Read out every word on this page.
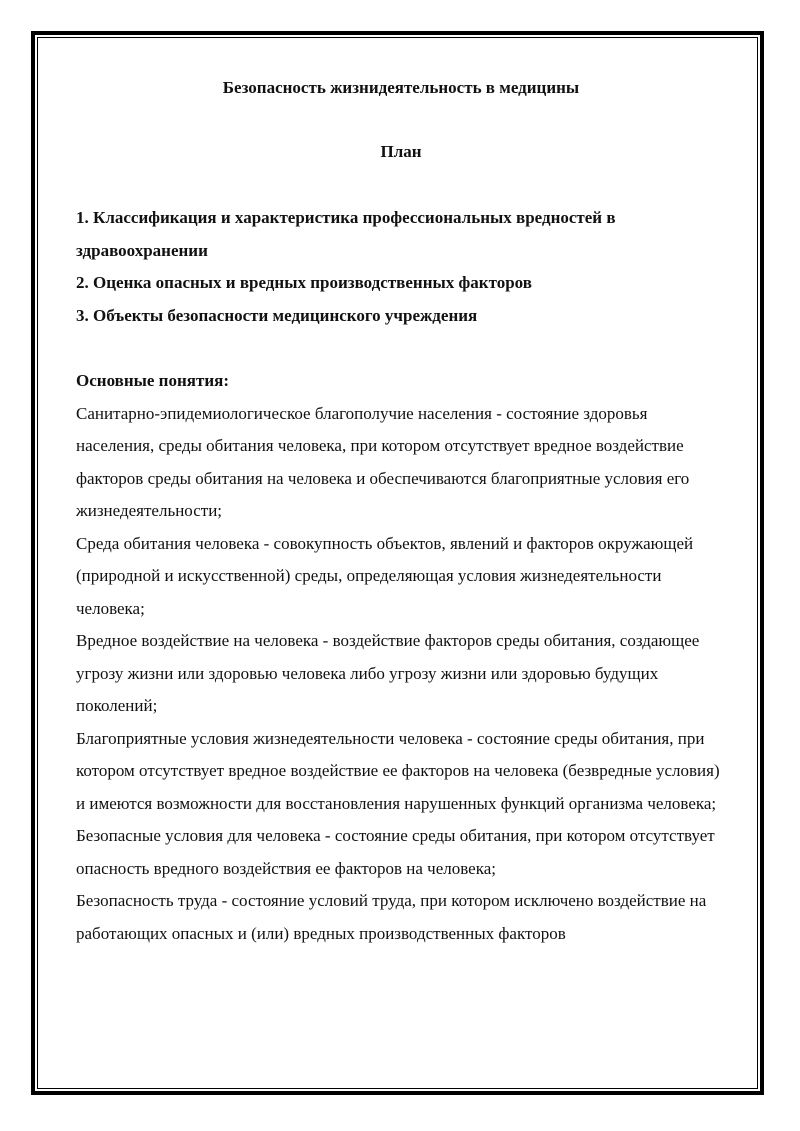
Безопасность жизнидеятельность в медицины

План

1. Классификация и характеристика профессиональных вредностей в здравоохранении
2. Оценка опасных и вредных производственных факторов
3. Объекты безопасности медицинского учреждения

Основные понятия:

Санитарно-эпидемиологическое благополучие населения - состояние здоровья населения, среды обитания человека, при котором отсутствует вредное воздействие факторов среды обитания на человека и обеспечиваются благоприятные условия его жизнедеятельности;

Среда обитания человека - совокупность объектов, явлений и факторов окружающей (природной и искусственной) среды, определяющая условия жизнедеятельности человека;

Вредное воздействие на человека - воздействие факторов среды обитания, создающее угрозу жизни или здоровью человека либо угрозу жизни или здоровью будущих поколений;

Благоприятные условия жизнедеятельности человека - состояние среды обитания, при котором отсутствует вредное воздействие ее факторов на человека (безвредные условия) и имеются возможности для восстановления нарушенных функций организма человека;

Безопасные условия для человека - состояние среды обитания, при котором отсутствует опасность вредного воздействия ее факторов на человека;

Безопасность труда - состояние условий труда, при котором исключено воздействие на работающих опасных и (или) вредных производственных факторов
